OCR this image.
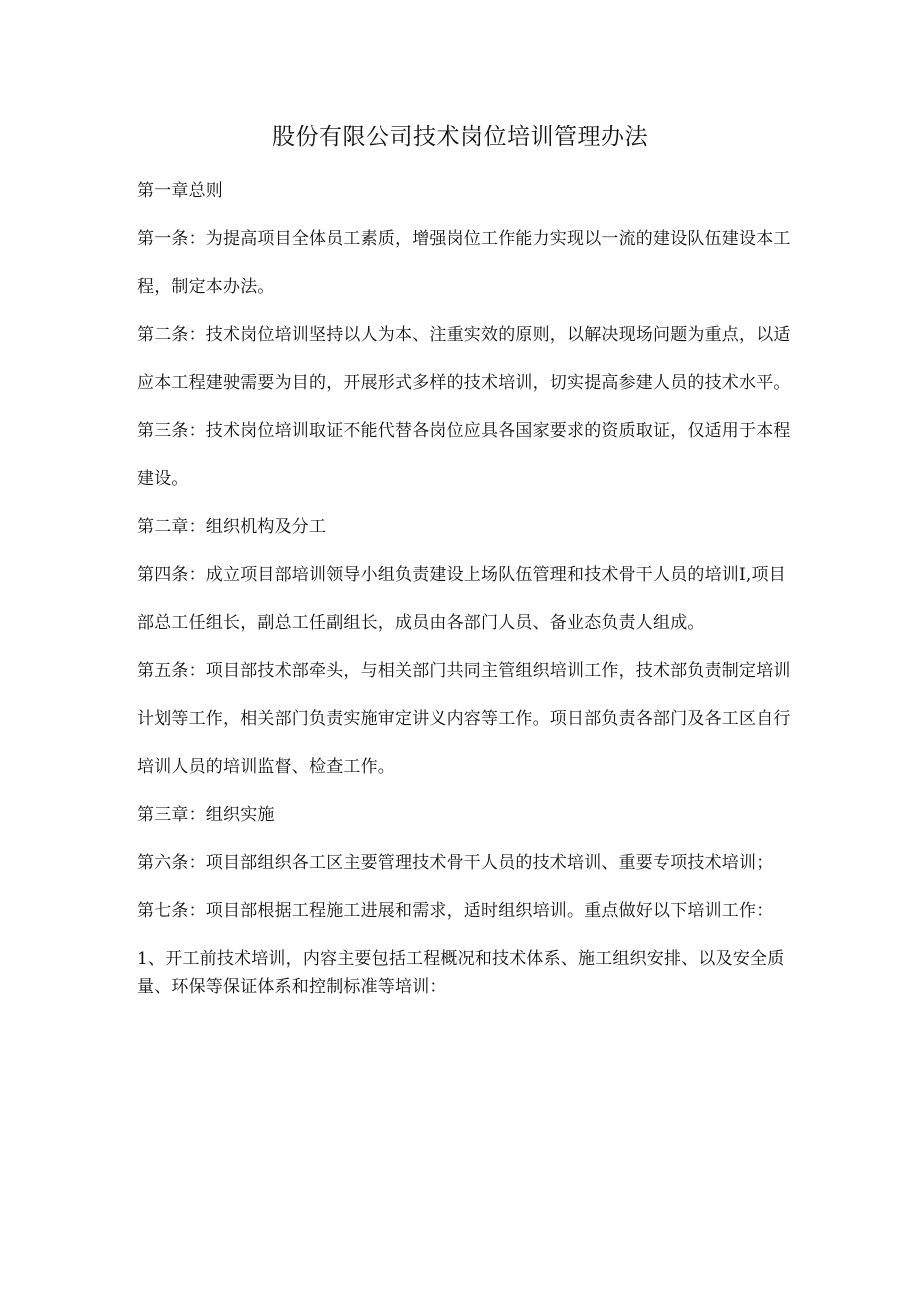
股份有限公司技术岗位培训管理办法

第一章总则

第一条：为提高项目全体员工素质，增强岗位工作能力实现以一流的建设队伍建设本工程，制定本办法。

第二条：技术岗位培训坚持以人为本、注重实效的原则，以解决现场问题为重点，以适应本工程建驶需要为目的，开展形式多样的技术培训，切实提高参建人员的技术水平。

第三条：技术岗位培训取证不能代替各岗位应具各国家要求的资质取证，仅适用于本程建设。

第二章：组织机构及分工

第四条：成立项目部培训领导小组负责建设上场队伍管理和技术骨干人员的培训I,项目部总工任组长，副总工任副组长，成员由各部门人员、备业态负责人组成。

第五条：项目部技术部牵头，与相关部门共同主管组织培训工作，技术部负责制定培训计划等工作，相关部门负责实施审定讲义内容等工作。项日部负责各部门及各工区自行培训人员的培训监督、检查工作。

第三章：组织实施

第六条：项目部组织各工区主要管理技术骨干人员的技术培训、重要专项技术培训；

第七条：项目部根据工程施工进展和需求，适时组织培训。重点做好以下培训工作：

1、开工前技术培训，内容主要包括工程概况和技术体系、施工组织安排、以及安全质量、环保等保证体系和控制标准等培训：
